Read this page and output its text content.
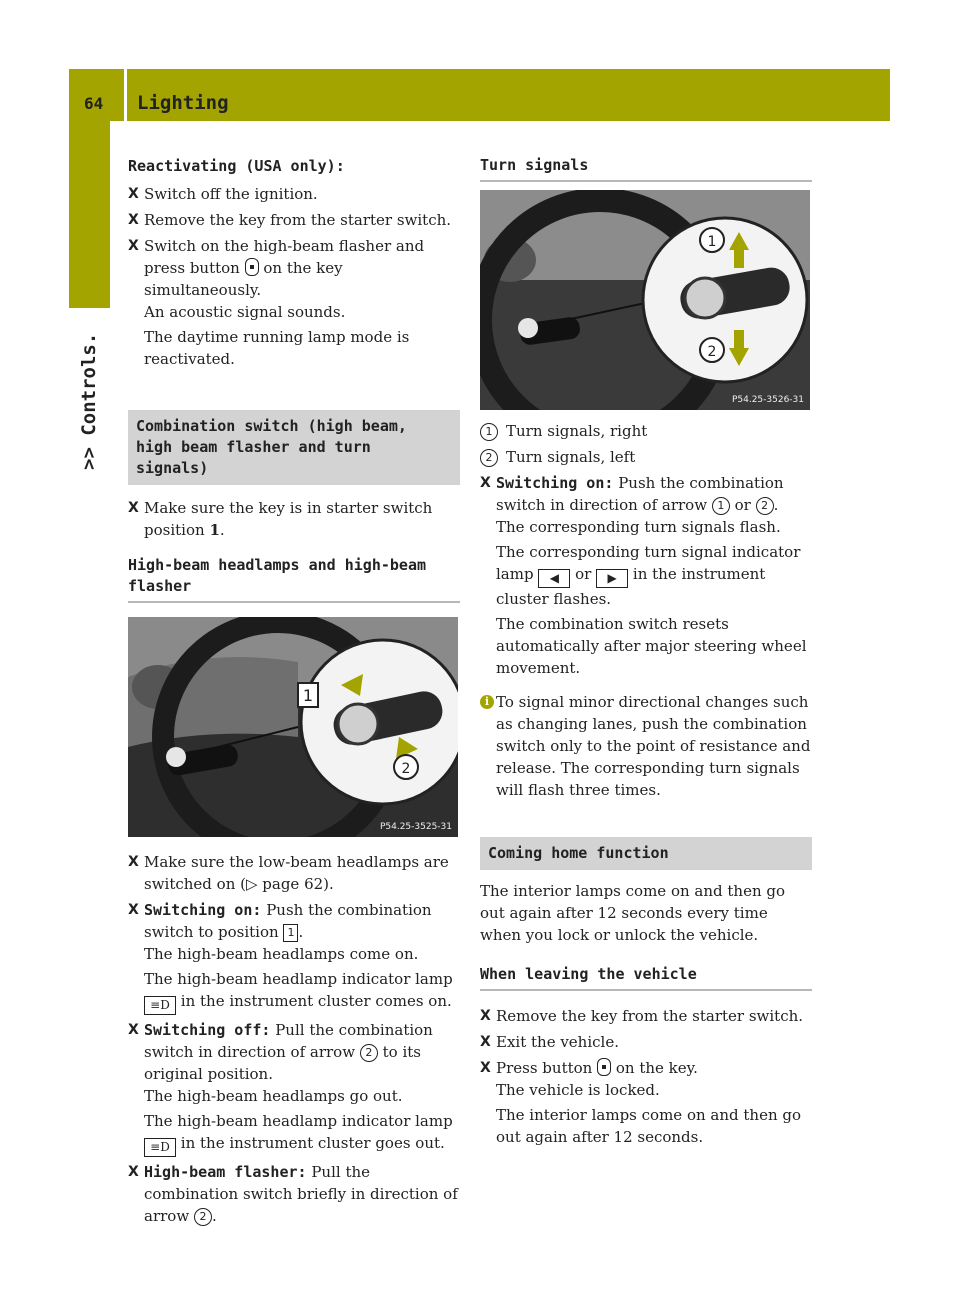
64 Lighting
>> Controls.

Reactivating (USA only):

X Switch off the ignition.
X Remove the key from the starter switch.
X Switch on the high-beam flasher and press button on the key simultaneously.
An acoustic signal sounds.
The daytime running lamp mode is reactivated.
Combination switch (high beam, high beam flasher and turn signals)
X Make sure the key is in starter switch position 1.
High-beam headlamps and high-beam flasher
1
2
P54.25-3525-31
X Make sure the low-beam headlamps are switched on (▷ page 62).
X Switching on: Push the combination switch to position 1 .
The high-beam headlamps come on.
The high-beam headlamp indicator lamp ≡D in the instrument cluster comes on.
X Switching off: Pull the combination switch in direction of arrow 2 to its original position.
The high-beam headlamps go out.
The high-beam headlamp indicator lamp ≡D in the instrument cluster goes out.
X High-beam flasher: Pull the combination switch briefly in direction of arrow 2 .
Turn signals
1
2
P54.25-3526-31
1 Turn signals, right
2 Turn signals, left
X Switching on: Push the combination switch in direction of arrow 1 or 2 .
The corresponding turn signals flash.
The corresponding turn signal indicator lamp ◀ or ▶ in the instrument cluster flashes.
The combination switch resets automatically after major steering wheel movement.
i To signal minor directional changes such as changing lanes, push the combination switch only to the point of resistance and release. The corresponding turn signals will flash three times.
Coming home function

The interior lamps come on and then go out again after 12 seconds every time when you lock or unlock the vehicle.

When leaving the vehicle
X Remove the key from the starter switch.
X Exit the vehicle.
X Press button on the key.
The vehicle is locked.
The interior lamps come on and then go out again after 12 seconds.
